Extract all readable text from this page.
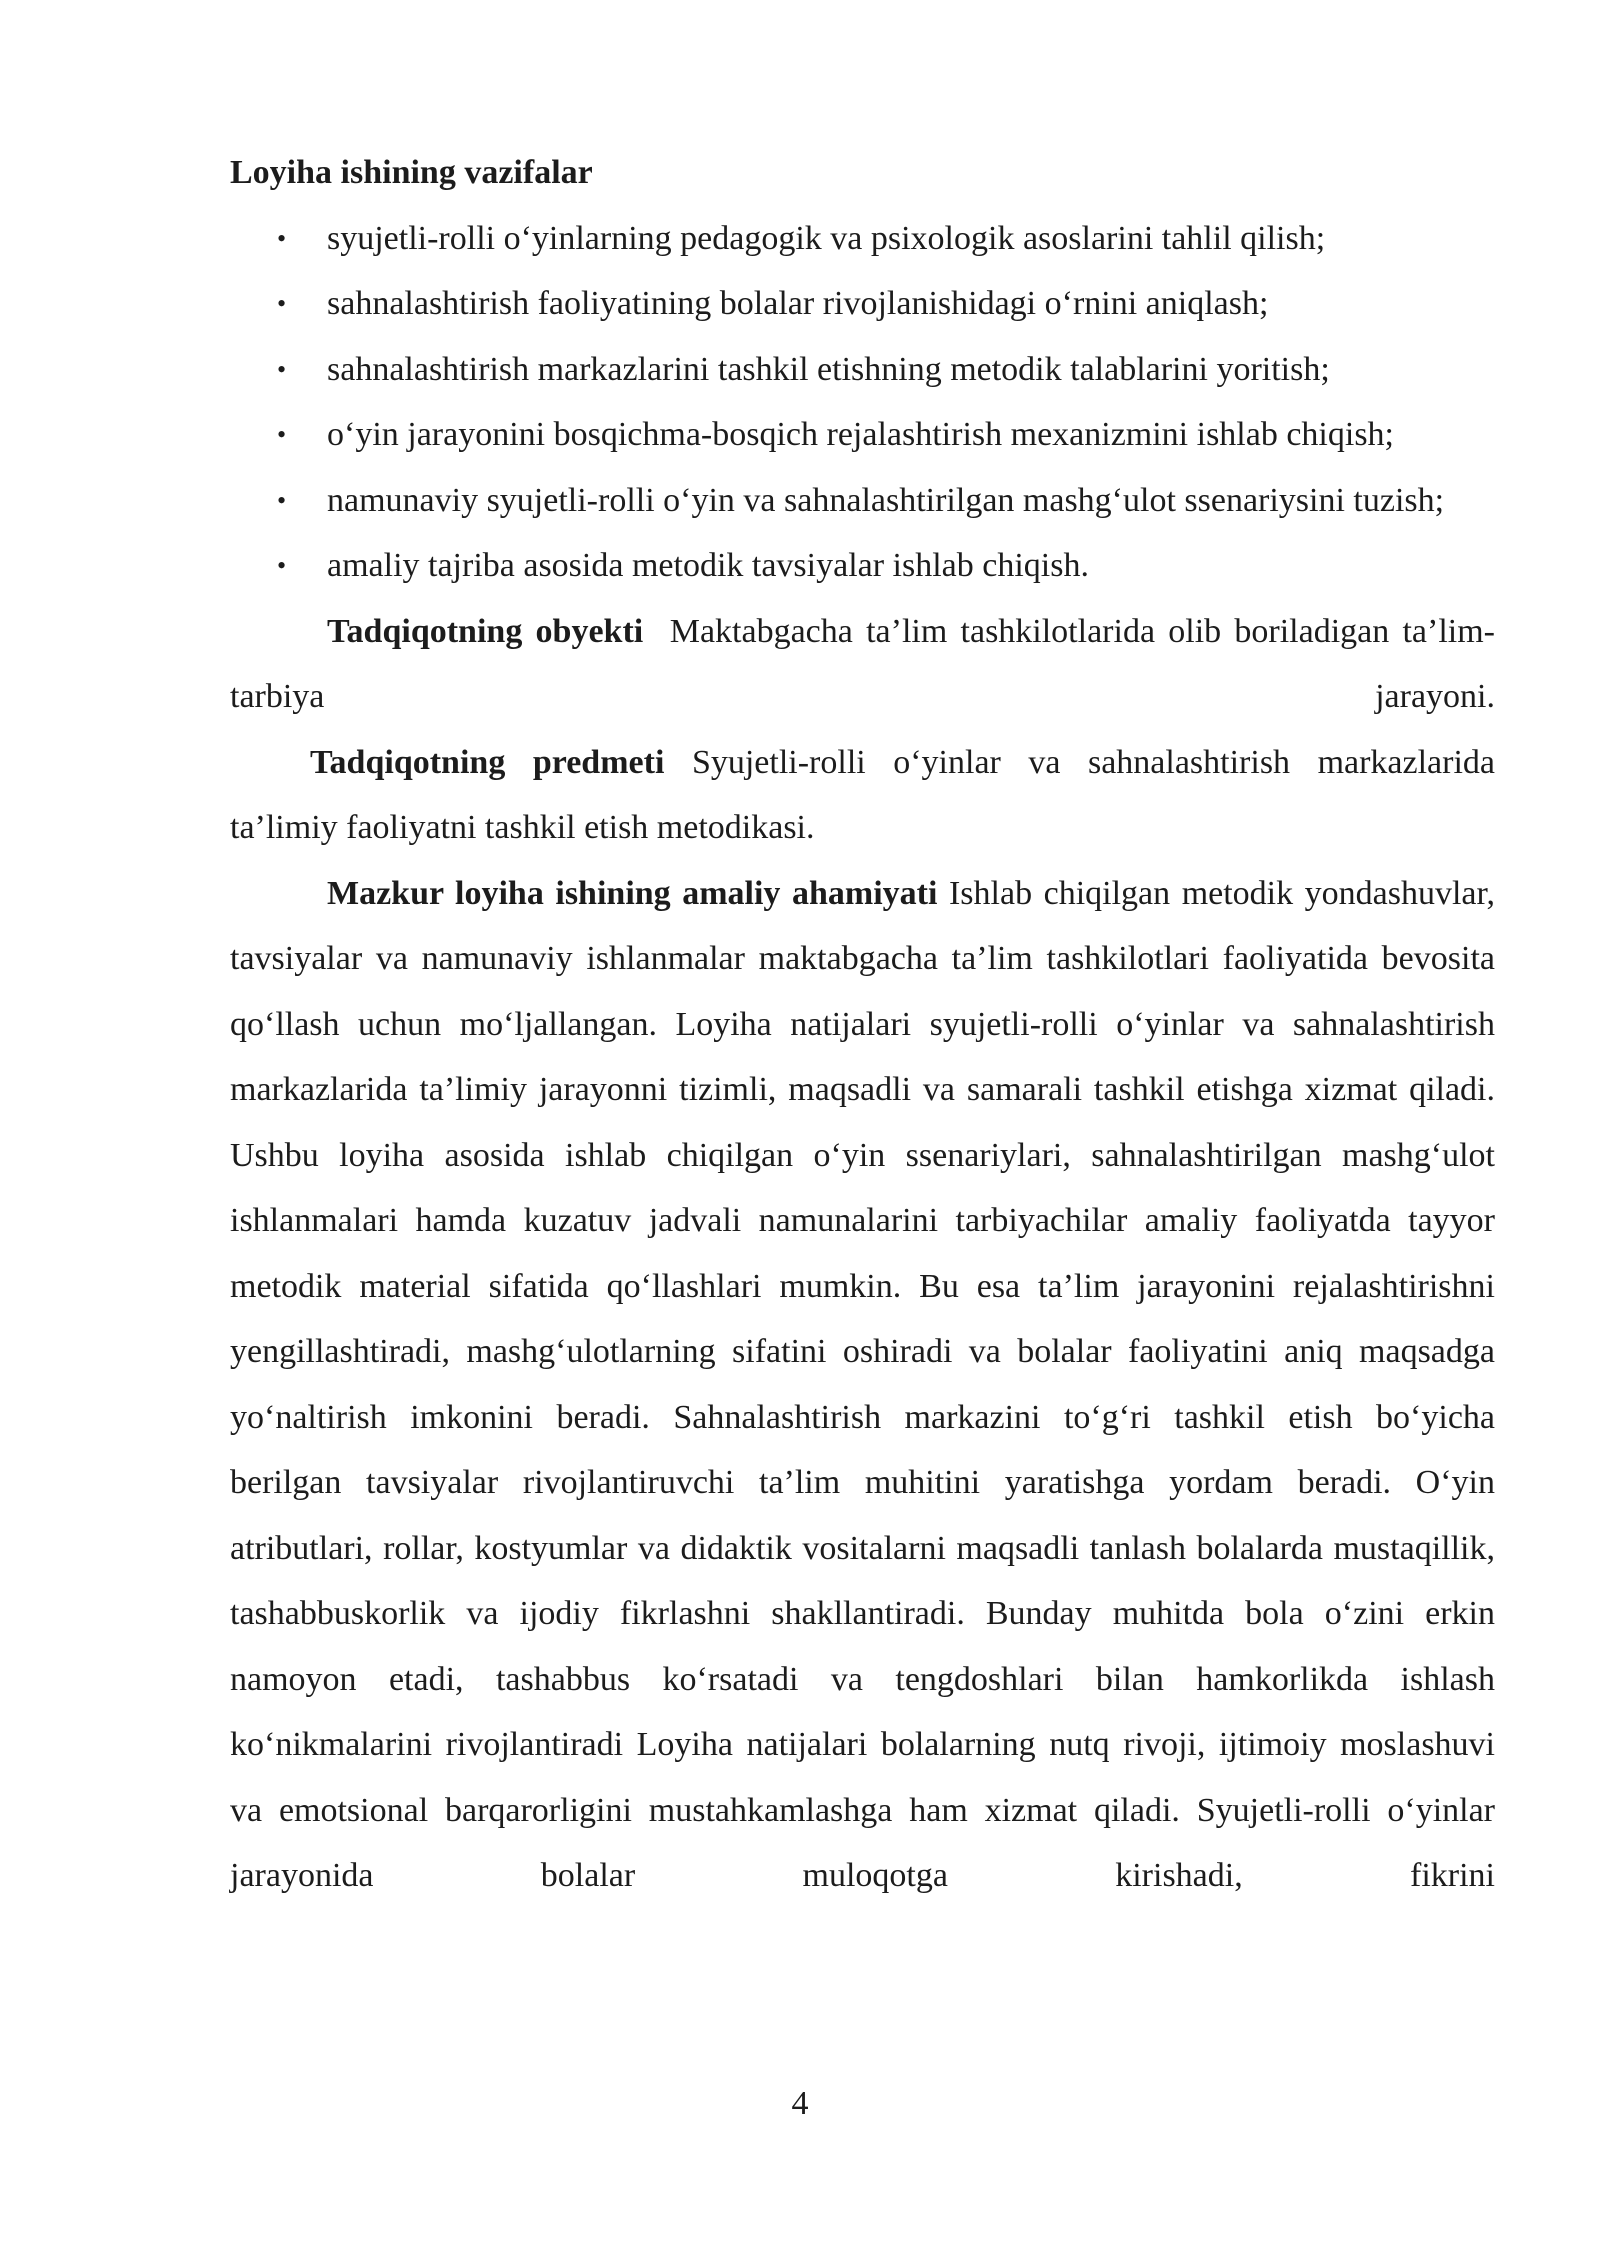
Loyiha ishining vazifalar

• syujetli-rolli o‘yinlarning pedagogik va psixologik asoslarini tahlil qilish;
• sahnalashtirish faoliyatining bolalar rivojlanishidagi o‘rnini aniqlash;
• sahnalashtirish markazlarini tashkil etishning metodik talablarini yoritish;
• o‘yin jarayonini bosqichma-bosqich rejalashtirish mexanizmini ishlab chiqish;
• namunaviy syujetli-rolli o‘yin va sahnalashtirilgan mashg‘ulot ssenariysini tuzish;
• amaliy tajriba asosida metodik tavsiyalar ishlab chiqish.

Tadqiqotning obyekti Maktabgacha ta’lim tashkilotlarida olib boriladigan ta’lim-tarbiya jarayoni.

Tadqiqotning predmeti Syujetli-rolli o‘yinlar va sahnalashtirish markazlarida ta’limiy faoliyatni tashkil etish metodikasi.

Mazkur loyiha ishining amaliy ahamiyati Ishlab chiqilgan metodik yondashuvlar, tavsiyalar va namunaviy ishlanmalar maktabgacha ta’lim tashkilotlari faoliyatida bevosita qo‘llash uchun mo‘ljallangan. Loyiha natijalari syujetli-rolli o‘yinlar va sahnalashtirish markazlarida ta’limiy jarayonni tizimli, maqsadli va samarali tashkil etishga xizmat qiladi. Ushbu loyiha asosida ishlab chiqilgan o‘yin ssenariylari, sahnalashtirilgan mashg‘ulot ishlanmalari hamda kuzatuv jadvali namunalarini tarbiyachilar amaliy faoliyatda tayyor metodik material sifatida qo‘llashlari mumkin. Bu esa ta’lim jarayonini rejalashtirishni yengillashtiradi, mashg‘ulotlarning sifatini oshiradi va bolalar faoliyatini aniq maqsadga yo‘naltirish imkonini beradi. Sahnalashtirish markazini to‘g‘ri tashkil etish bo‘yicha berilgan tavsiyalar rivojlantiruvchi ta’lim muhitini yaratishga yordam beradi. O‘yin atributlari, rollar, kostyumlar va didaktik vositalarni maqsadli tanlash bolalarda mustaqillik, tashabbuskorlik va ijodiy fikrlashni shakllantiradi. Bunday muhitda bola o‘zini erkin namoyon etadi, tashabbus ko‘rsatadi va tengdoshlari bilan hamkorlikda ishlash ko‘nikmalarini rivojlantiradi Loyiha natijalari bolalarning nutq rivoji, ijtimoiy moslashuvi va emotsional barqarorligini mustahkamlashga ham xizmat qiladi. Syujetli-rolli o‘yinlar jarayonida bolalar muloqotga kirishadi, fikrini

4
